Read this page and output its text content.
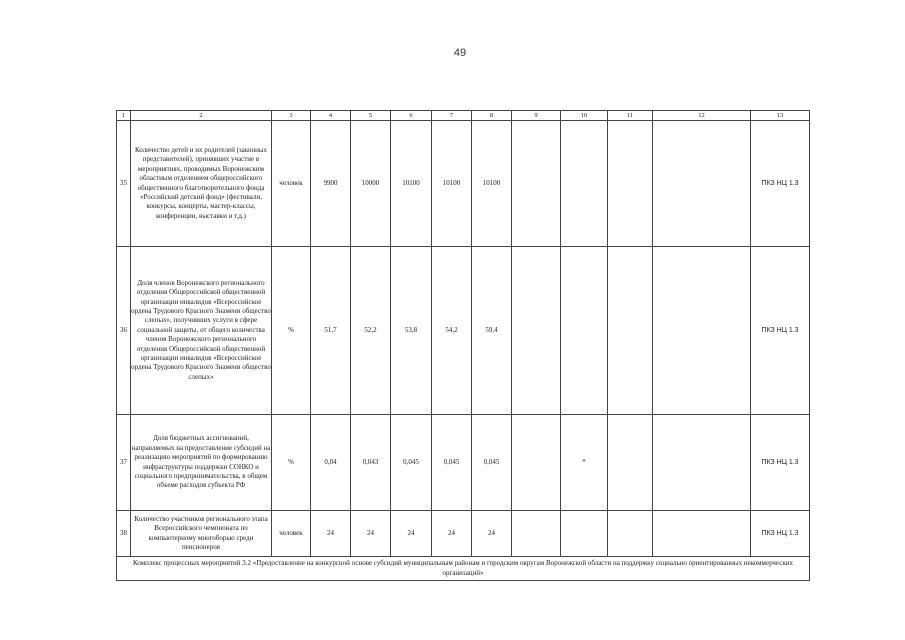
49
1	2	3	4	5	6	7	8	9	10	11	12	13
35	Количество детей и их родителей (законных представителей), принявших участие в мероприятиях, проводимых Воронежским областным отделением общероссийского общественного благотворительного фонда «Российский детский фонд» (фестивали, конкурсы, концерты, мастер-классы, конференции, выставки и т.д.)	человек	9900	10000	10100	10100	10100					ПКЗ НЦ 1.3
36	Доля членов Воронежского регионального отделения Общероссийской общественной организации инвалидов «Всероссийское ордена Трудового Красного Знамени общество слепых», получивших услуги в сфере социальной защиты, от общего количества членов Воронежского регионального отделения Общероссийской общественной организации инвалидов «Всероссийское ордена Трудового Красного Знамени общество слепых»	%	51,7	52,2	53,8	54,2	59,4					ПКЗ НЦ 1.3
37	Доля бюджетных ассигнований, направляемых на предоставление субсидий на реализацию мероприятий по формированию инфраструктуры поддержки СОНКО и социального предпринимательства, в общем объеме расходов субъекта РФ	%	0,04	0,043	0,045	0,045	0,045		*			ПКЗ НЦ 1.3
38	Количество участников регионального этапа Всероссийского чемпионата по компьютерному многоборью среди пенсионеров	человек	24	24	24	24	24					ПКЗ НЦ 1.3
Комплекс процессных мероприятий 3.2 «Предоставление на конкурсной основе субсидий муниципальным районам и городским округам Воронежской области на поддержку социально ориентированных некоммерческих организаций»												
